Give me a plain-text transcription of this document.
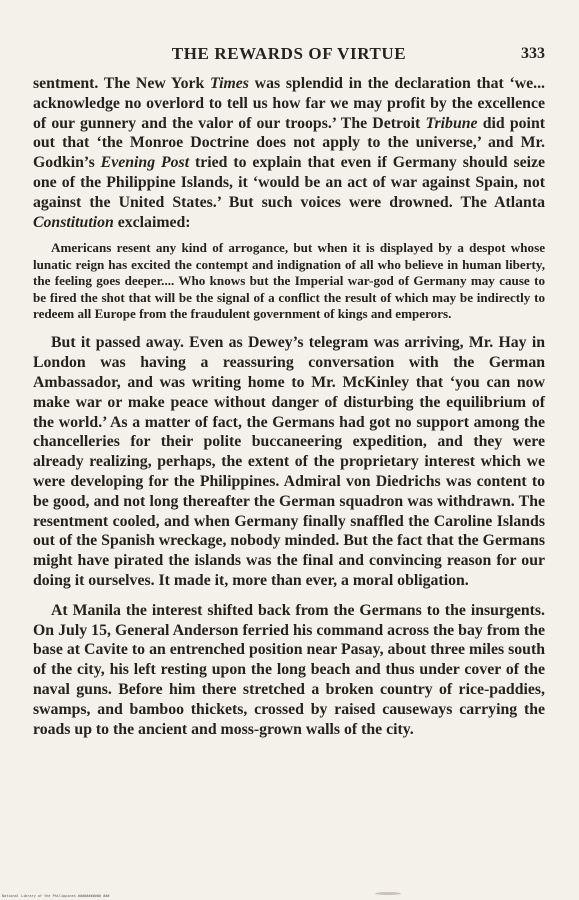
THE REWARDS OF VIRTUE	333

sentment. The New York Times was splendid in the declaration that ‘we... acknowledge no overlord to tell us how far we may profit by the excellence of our gunnery and the valor of our troops.’ The Detroit Tribune did point out that ‘the Monroe Doctrine does not apply to the universe,’ and Mr. Godkin’s Evening Post tried to explain that even if Germany should seize one of the Philippine Islands, it ‘would be an act of war against Spain, not against the United States.’ But such voices were drowned. The Atlanta Constitution exclaimed:

Americans resent any kind of arrogance, but when it is displayed by a despot whose lunatic reign has excited the contempt and indignation of all who believe in human liberty, the feeling goes deeper.... Who knows but the Imperial war-god of Germany may cause to be fired the shot that will be the signal of a conflict the result of which may be indirectly to redeem all Europe from the fraudulent government of kings and emperors.

But it passed away. Even as Dewey’s telegram was arriving, Mr. Hay in London was having a reassuring conversation with the German Ambassador, and was writing home to Mr. McKinley that ‘you can now make war or make peace without danger of disturbing the equilibrium of the world.’ As a matter of fact, the Germans had got no support among the chancelleries for their polite buccaneering expedition, and they were already realizing, perhaps, the extent of the proprietary interest which we were developing for the Philippines. Admiral von Diedrichs was content to be good, and not long thereafter the German squadron was withdrawn. The resentment cooled, and when Germany finally snaffled the Caroline Islands out of the Spanish wreckage, nobody minded. But the fact that the Germans might have pirated the islands was the final and convincing reason for our doing it ourselves. It made it, more than ever, a moral obligation.

At Manila the interest shifted back from the Germans to the insurgents. On July 15, General Anderson ferried his command across the bay from the base at Cavite to an entrenched position near Pasay, about three miles south of the city, his left resting upon the long beach and thus under cover of the naval guns. Before him there stretched a broken country of rice-paddies, swamps, and bamboo thickets, crossed by raised causeways carrying the roads up to the ancient and moss-grown walls of the city.

National Library of the Philippines ########### ###
